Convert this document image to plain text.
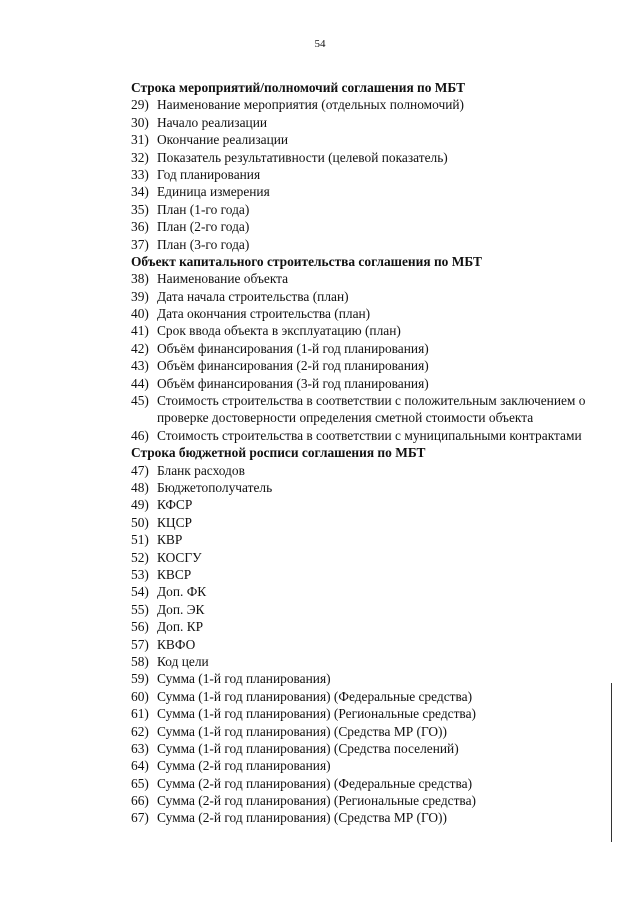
54
Строка мероприятий/полномочий соглашения по МБТ
29) Наименование мероприятия (отдельных полномочий)
30) Начало реализации
31) Окончание реализации
32) Показатель результативности (целевой показатель)
33) Год планирования
34) Единица измерения
35) План (1-го года)
36) План (2-го года)
37) План (3-го года)
Объект капитального строительства соглашения по МБТ
38) Наименование объекта
39) Дата начала строительства (план)
40) Дата окончания строительства (план)
41) Срок ввода объекта в эксплуатацию (план)
42) Объём финансирования (1-й год планирования)
43) Объём финансирования (2-й год планирования)
44) Объём финансирования (3-й год планирования)
45) Стоимость строительства в соответствии с положительным заключением о проверке достоверности определения сметной стоимости объекта
46) Стоимость строительства в соответствии с муниципальными контрактами
Строка бюджетной росписи соглашения по МБТ
47) Бланк расходов
48) Бюджетополучатель
49) КФСР
50) КЦСР
51) КВР
52) КОСГУ
53) КВСР
54) Доп. ФК
55) Доп. ЭК
56) Доп. КР
57) КВФО
58) Код цели
59) Сумма (1-й год планирования)
60) Сумма (1-й год планирования) (Федеральные средства)
61) Сумма (1-й год планирования) (Региональные средства)
62) Сумма (1-й год планирования) (Средства МР (ГО))
63) Сумма (1-й год планирования) (Средства поселений)
64) Сумма (2-й год планирования)
65) Сумма (2-й год планирования) (Федеральные средства)
66) Сумма (2-й год планирования) (Региональные средства)
67) Сумма (2-й год планирования) (Средства МР (ГО))
